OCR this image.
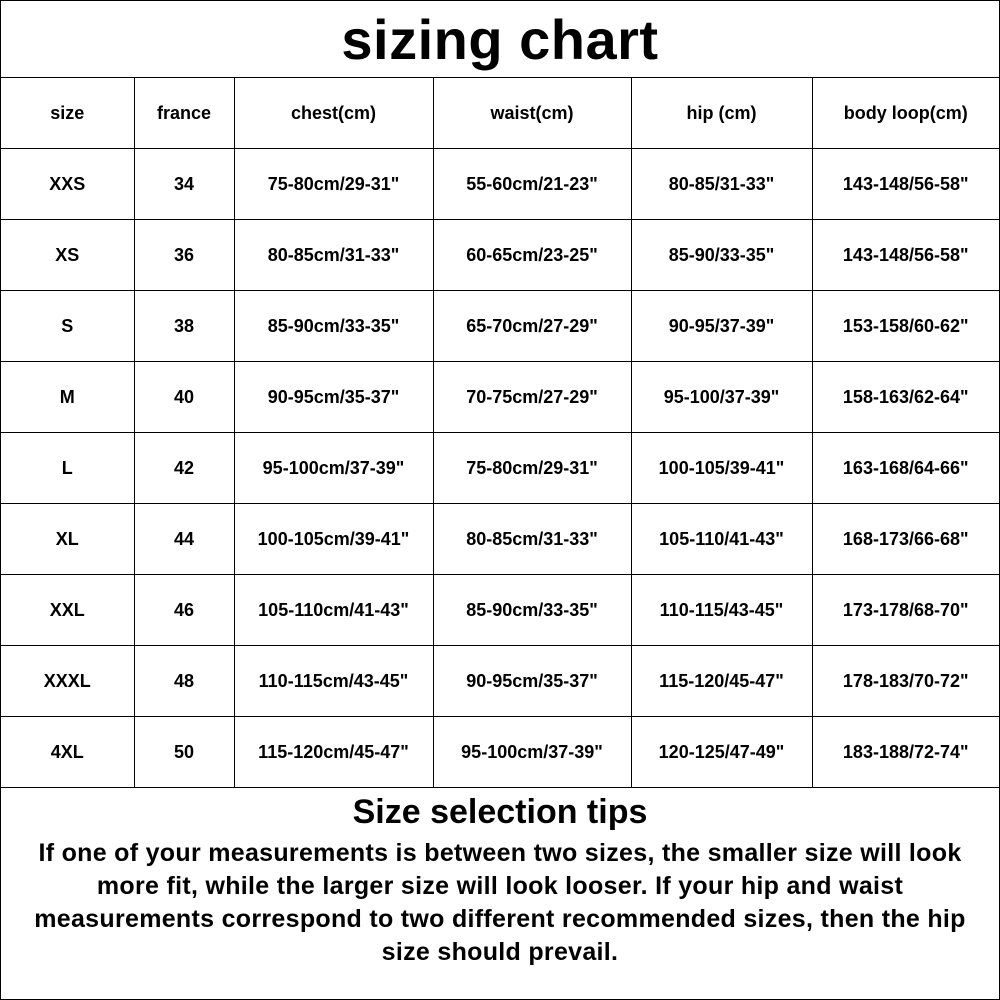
sizing chart
size	france	chest(cm)	waist(cm)	hip (cm)	body loop(cm)
XXS	34	75-80cm/29-31"	55-60cm/21-23"	80-85/31-33"	143-148/56-58"
XS	36	80-85cm/31-33"	60-65cm/23-25"	85-90/33-35"	143-148/56-58"
S	38	85-90cm/33-35"	65-70cm/27-29"	90-95/37-39"	153-158/60-62"
M	40	90-95cm/35-37"	70-75cm/27-29"	95-100/37-39"	158-163/62-64"
L	42	95-100cm/37-39"	75-80cm/29-31"	100-105/39-41"	163-168/64-66"
XL	44	100-105cm/39-41"	80-85cm/31-33"	105-110/41-43"	168-173/66-68"
XXL	46	105-110cm/41-43"	85-90cm/33-35"	110-115/43-45"	173-178/68-70"
XXXL	48	110-115cm/43-45"	90-95cm/35-37"	115-120/45-47"	178-183/70-72"
4XL	50	115-120cm/45-47"	95-100cm/37-39"	120-125/47-49"	183-188/72-74"
Size selection tips
If one of your measurements is between two sizes, the smaller size will look more fit, while the larger size will look looser. If your hip and waist measurements correspond to two different recommended sizes, then the hip size should prevail.
